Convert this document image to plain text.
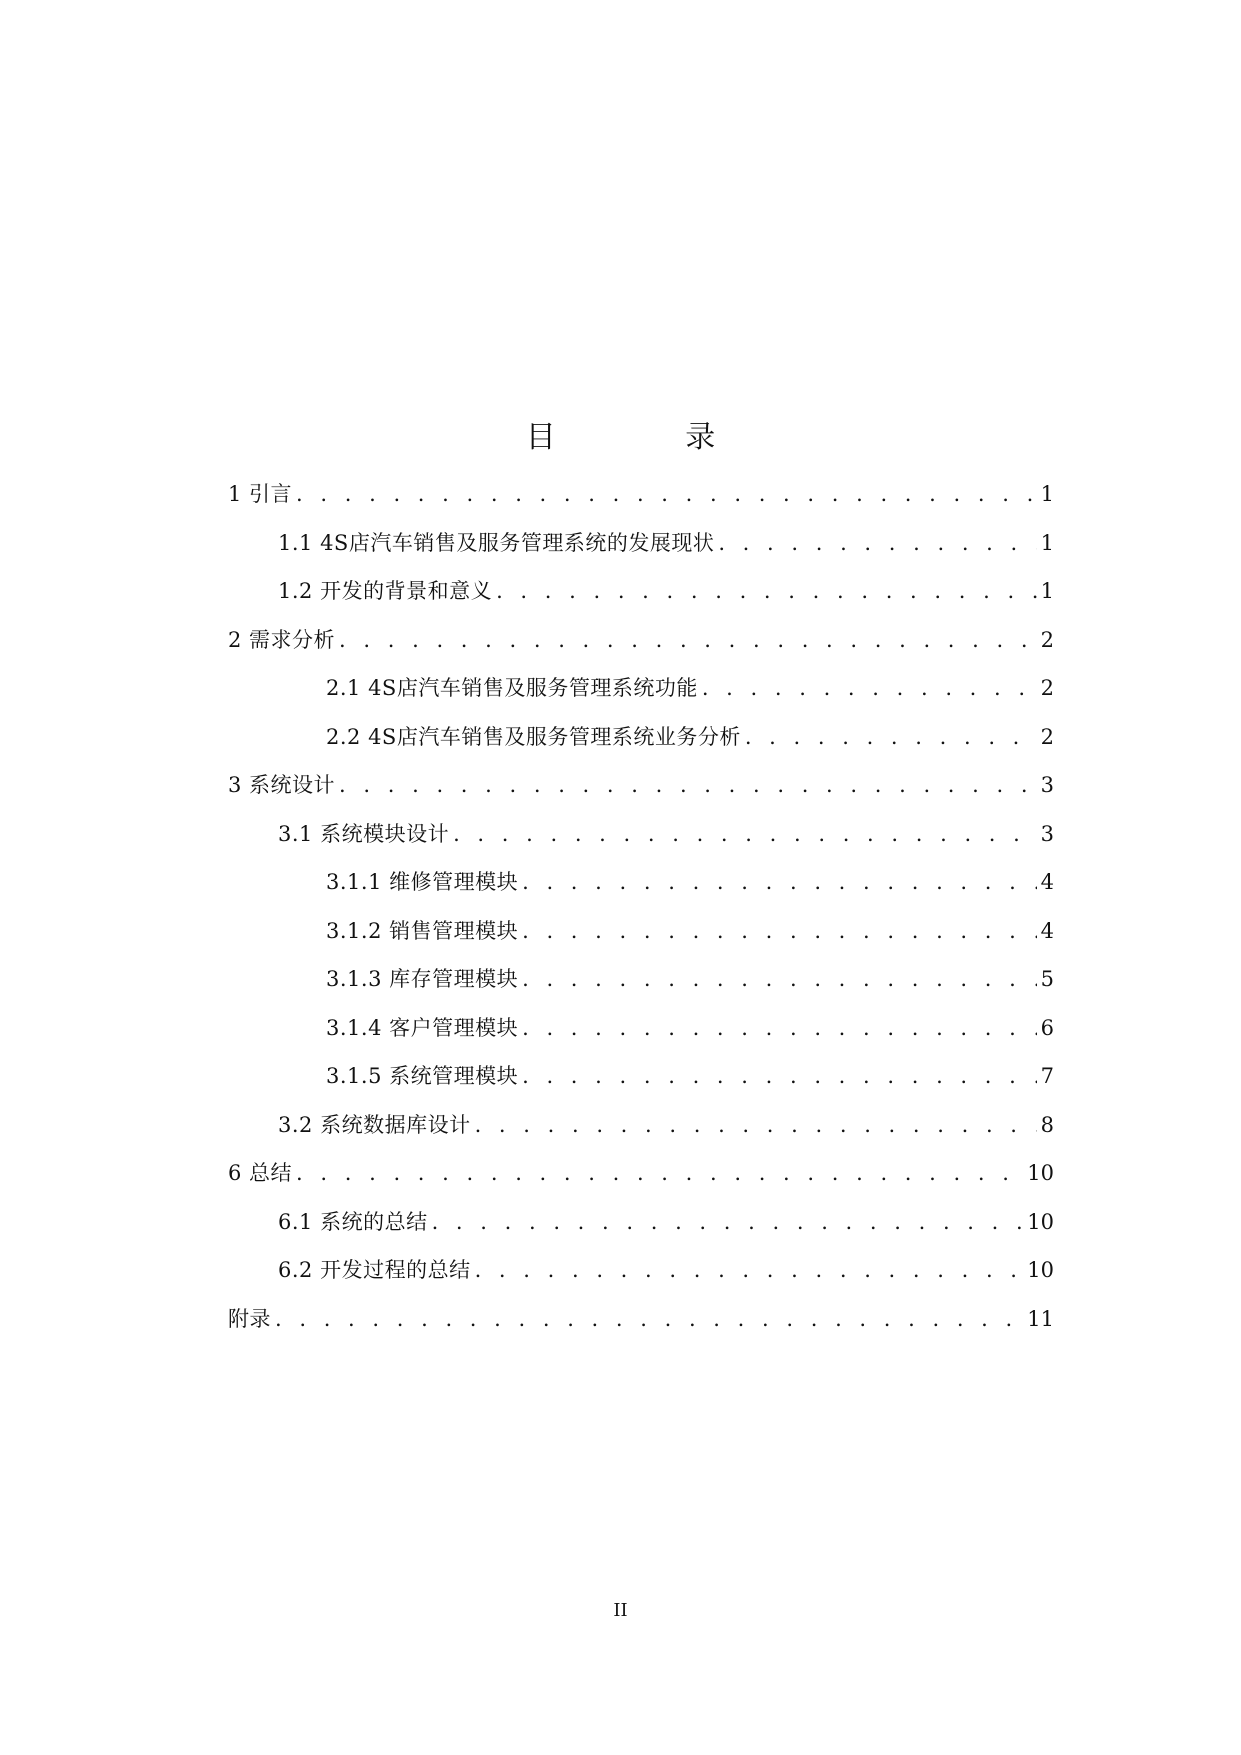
目 录
1 引言 . . .	1
1.1 4S店汽车销售及服务管理系统的发展现状 . . .	1
1.2 开发的背景和意义 . . .	1
2 需求分析 . . .	2
2.1 4S店汽车销售及服务管理系统功能 . . .	2
2.2 4S店汽车销售及服务管理系统业务分析 . . .	2
3 系统设计 . . .	3
3.1 系统模块设计 . . .	3
3.1.1 维修管理模块 . . .	4
3.1.2 销售管理模块 . . .	4
3.1.3 库存管理模块 . . .	5
3.1.4 客户管理模块 . . .	6
3.1.5 系统管理模块 . . .	7
3.2 系统数据库设计 . . .	8
6 总结 . . .	10
6.1 系统的总结 . . .	10
6.2 开发过程的总结 . . .	10
附录 . . .	11

II
